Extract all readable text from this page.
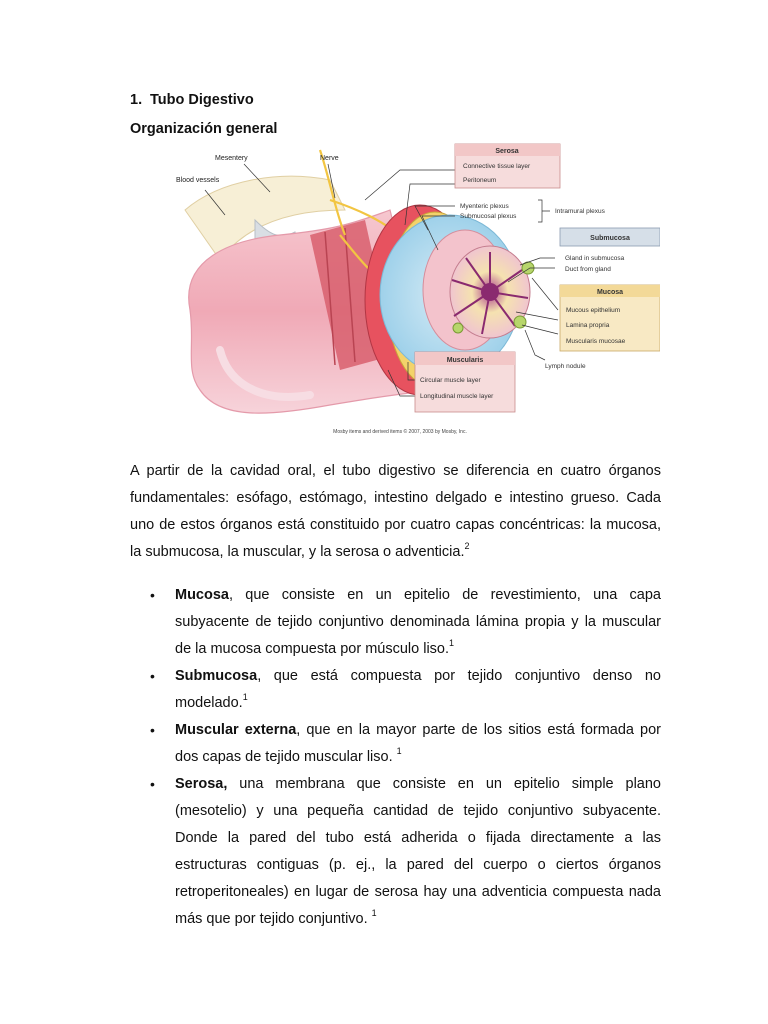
1. Tubo Digestivo
Organización general
Mesentery	Nerve
Blood vessels
Serosa
Connective tissue layer
Peritoneum
Myenteric plexus
Submucosal plexus
Intramural plexus
Submucosa
Gland in submucosa
Duct from gland
Mucosa
Mucous epithelium
Lamina propria
Muscularis mucosae
Lymph nodule
Muscularis
Circular muscle layer
Longitudinal muscle layer
Mosby items and derived items © 2007, 2003 by Mosby, Inc.
A partir de la cavidad oral, el tubo digestivo se diferencia en cuatro órganos fundamentales: esófago, estómago, intestino delgado e intestino grueso. Cada uno de estos órganos está constituido por cuatro capas concéntricas: la mucosa, la submucosa, la muscular, y la serosa o adventicia.$^2$
• Mucosa, que consiste en un epitelio de revestimiento, una capa subyacente de tejido conjuntivo denominada lámina propia y la muscular de la mucosa compuesta por músculo liso.$^1$
• Submucosa, que está compuesta por tejido conjuntivo denso no modelado.$^1$
• Muscular externa, que en la mayor parte de los sitios está formada por dos capas de tejido muscular liso. $^1$
• Serosa, una membrana que consiste en un epitelio simple plano (mesotelio) y una pequeña cantidad de tejido conjuntivo subyacente. Donde la pared del tubo está adherida o fijada directamente a las estructuras contiguas (p. ej., la pared del cuerpo o ciertos órganos retroperitoneales) en lugar de serosa hay una adventicia compuesta nada más que por tejido conjuntivo. $^1$
